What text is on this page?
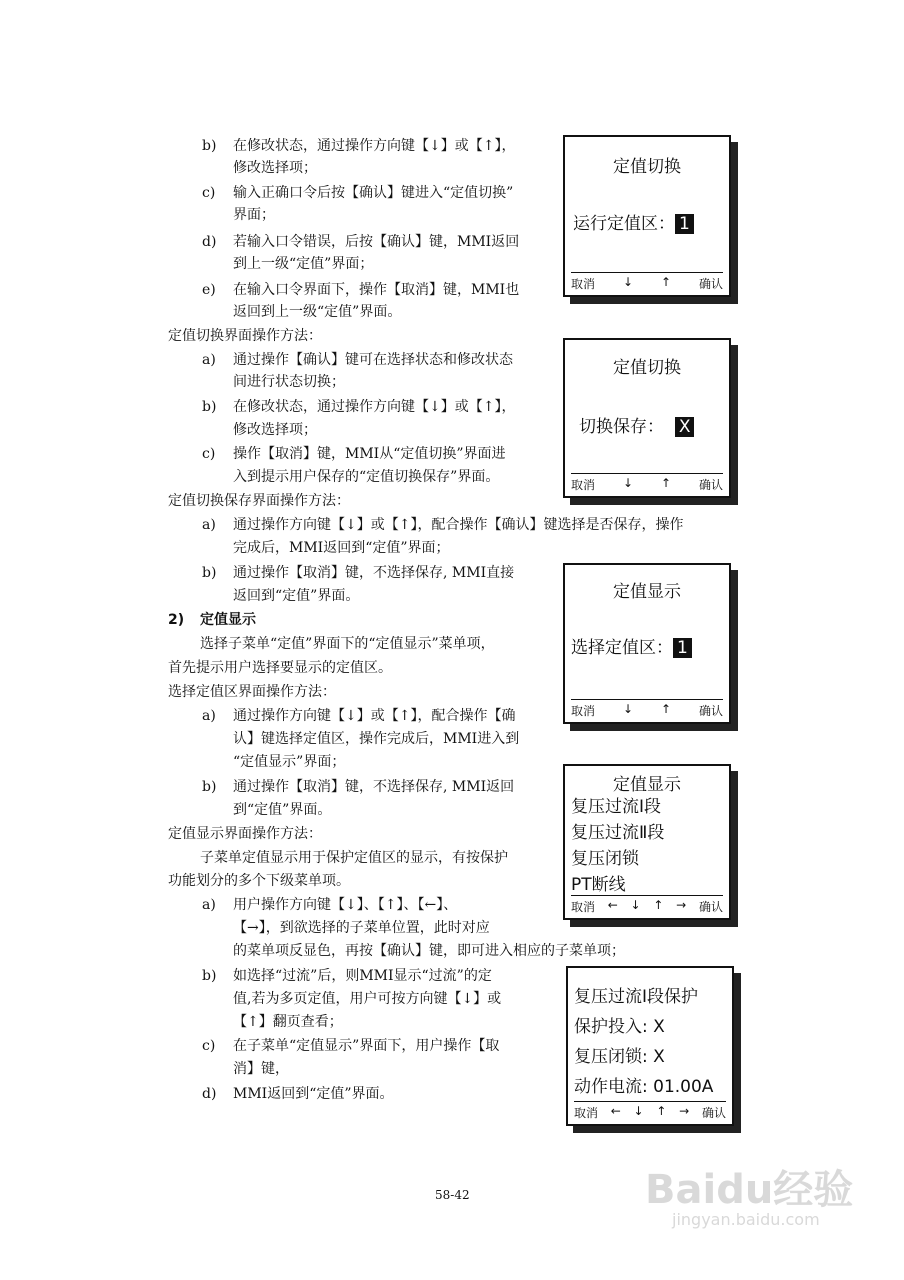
b) 在修改状态，通过操作方向键【↓】或【↑】，
修改选择项；
c) 输入正确口令后按【确认】键进入“定值切换”
界面；
d) 若输入口令错误，后按【确认】键，MMI返回
到上一级“定值”界面；
e) 在输入口令界面下，操作【取消】键，MMI也
返回到上一级“定值”界面。
定值切换界面操作方法：
a) 通过操作【确认】键可在选择状态和修改状态
间进行状态切换；
b) 在修改状态，通过操作方向键【↓】或【↑】，
修改选择项；
c) 操作【取消】键，MMI从“定值切换”界面进
入到提示用户保存的“定值切换保存”界面。
定值切换保存界面操作方法：
a) 通过操作方向键【↓】或【↑】，配合操作【确认】键选择是否保存，操作
完成后，MMI返回到“定值”界面；
b) 通过操作【取消】键，不选择保存, MMI直接
返回到“定值”界面。
2) 定值显示
选择子菜单“定值”界面下的“定值显示”菜单项，
首先提示用户选择要显示的定值区。
选择定值区界面操作方法：
a) 通过操作方向键【↓】或【↑】，配合操作【确
认】键选择定值区，操作完成后，MMI进入到
“定值显示”界面；
b) 通过操作【取消】键，不选择保存, MMI返回
到“定值”界面。
定值显示界面操作方法：
子菜单定值显示用于保护定值区的显示，有按保护
功能划分的多个下级菜单项。
a) 用户操作方向键【↓】、【↑】、【←】、
【→】，到欲选择的子菜单位置，此时对应
的菜单项反显色，再按【确认】键，即可进入相应的子菜单项；
b) 如选择“过流”后，则MMI显示“过流”的定
值,若为多页定值，用户可按方向键【↓】或
【↑】翻页查看；
c) 在子菜单“定值显示”界面下，用户操作【取
消】键，
d) MMI返回到“定值”界面。
定值切换
运行定值区： 1
取消 ↓ ↑ 确认
定值切换
切换保存： X
取消 ↓ ↑ 确认
定值显示
选择定值区： 1
取消 ↓ ↑ 确认
定值显示
复压过流Ⅰ段
复压过流Ⅱ段
复压闭锁
PT断线
取消 ← ↓ ↑ → 确认
复压过流Ⅰ段保护
保护投入: X
复压闭锁: X
动作电流: 01.00A
取消 ← ↓ ↑ → 确认
58-42	Baidu经验
jingyan.baidu.com
